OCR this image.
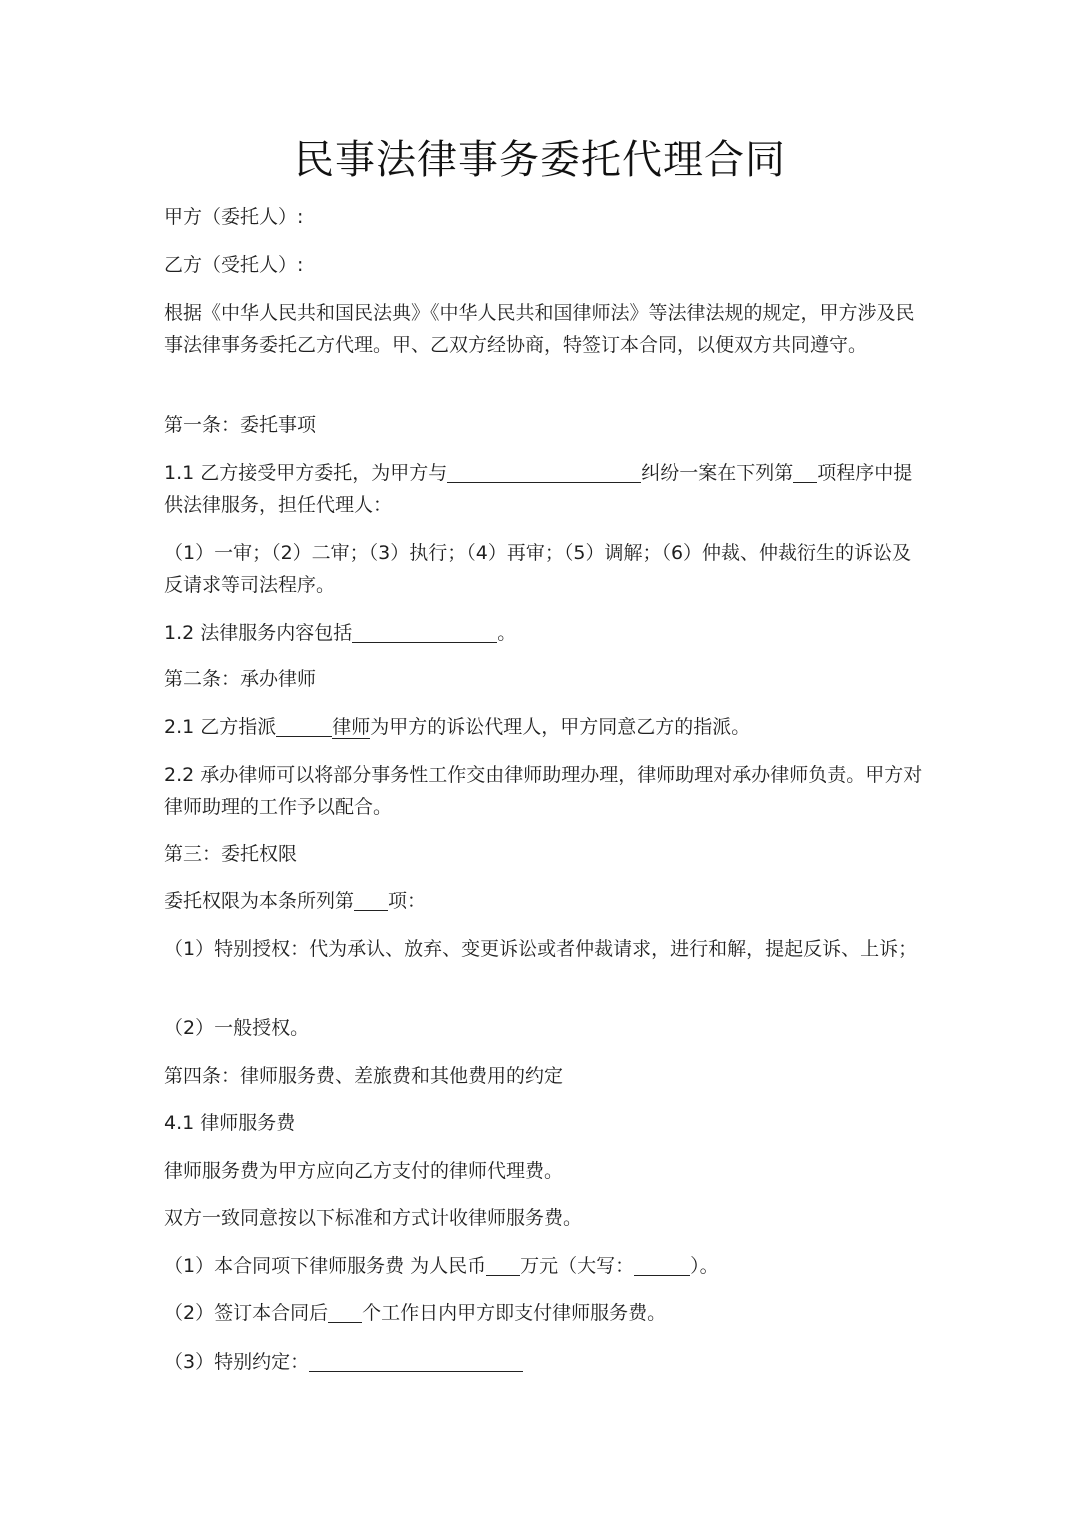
民事法律事务委托代理合同
甲方（委托人）:
乙方（受托人）:
根据《中华人民共和国民法典》《中华人民共和国律师法》等法律法规的规定，甲方涉及民事法律事务委托乙方代理。甲、乙双方经协商，特签订本合同，以便双方共同遵守。
第一条：委托事项
1.1 乙方接受甲方委托，为甲方与	纠纷一案在下列第 项程序中提供法律服务，担任代理人：
（1）一审；（2）二审；（3）执行；（4）再审；（5）调解；（6）仲裁、仲裁衍生的诉讼及反请求等司法程序。
1.2 法律服务内容包括	。
第二条：承办律师
2.1 乙方指派	律师为甲方的诉讼代理人，甲方同意乙方的指派。
2.2 承办律师可以将部分事务性工作交由律师助理办理，律师助理对承办律师负责。甲方对律师助理的工作予以配合。
第三：委托权限
委托权限为本条所列第 项：
（1）特别授权：代为承认、放弃、变更诉讼或者仲裁请求，进行和解，提起反诉、上诉；
（2）一般授权。
第四条：律师服务费、差旅费和其他费用的约定
4.1 律师服务费
律师服务费为甲方应向乙方支付的律师代理费。
双方一致同意按以下标准和方式计收律师服务费。
（1）本合同项下律师服务费 为人民币 万元（大写：	）。
（2）签订本合同后 个工作日内甲方即支付律师服务费。
（3）特别约定：
